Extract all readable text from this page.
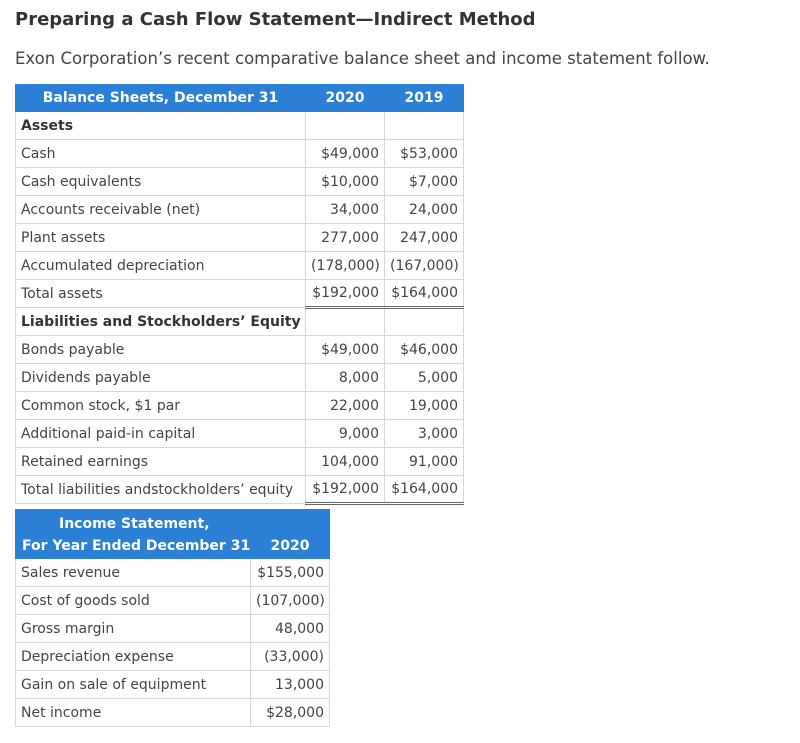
Preparing a Cash Flow Statement—Indirect Method

Exon Corporation’s recent comparative balance sheet and income statement follow.

Balance Sheets, December 31	2020	2019
Assets		
Cash	$49,000	$53,000
Cash equivalents	$10,000	$7,000
Accounts receivable (net)	34,000	24,000
Plant assets	277,000	247,000
Accumulated depreciation	(178,000)	(167,000)
Total assets	$192,000	$164,000
Liabilities and Stockholders’ Equity		
Bonds payable	$49,000	$46,000
Dividends payable	8,000	5,000
Common stock, $1 par	22,000	19,000
Additional paid-in capital	9,000	3,000
Retained earnings	104,000	91,000
Total liabilities andstockholders’ equity	$192,000	$164,000
Income Statement,	
For Year Ended December 31	2020
Sales revenue	$155,000
Cost of goods sold	(107,000)
Gross margin	48,000
Depreciation expense	(33,000)
Gain on sale of equipment	13,000
Net income	$28,000
